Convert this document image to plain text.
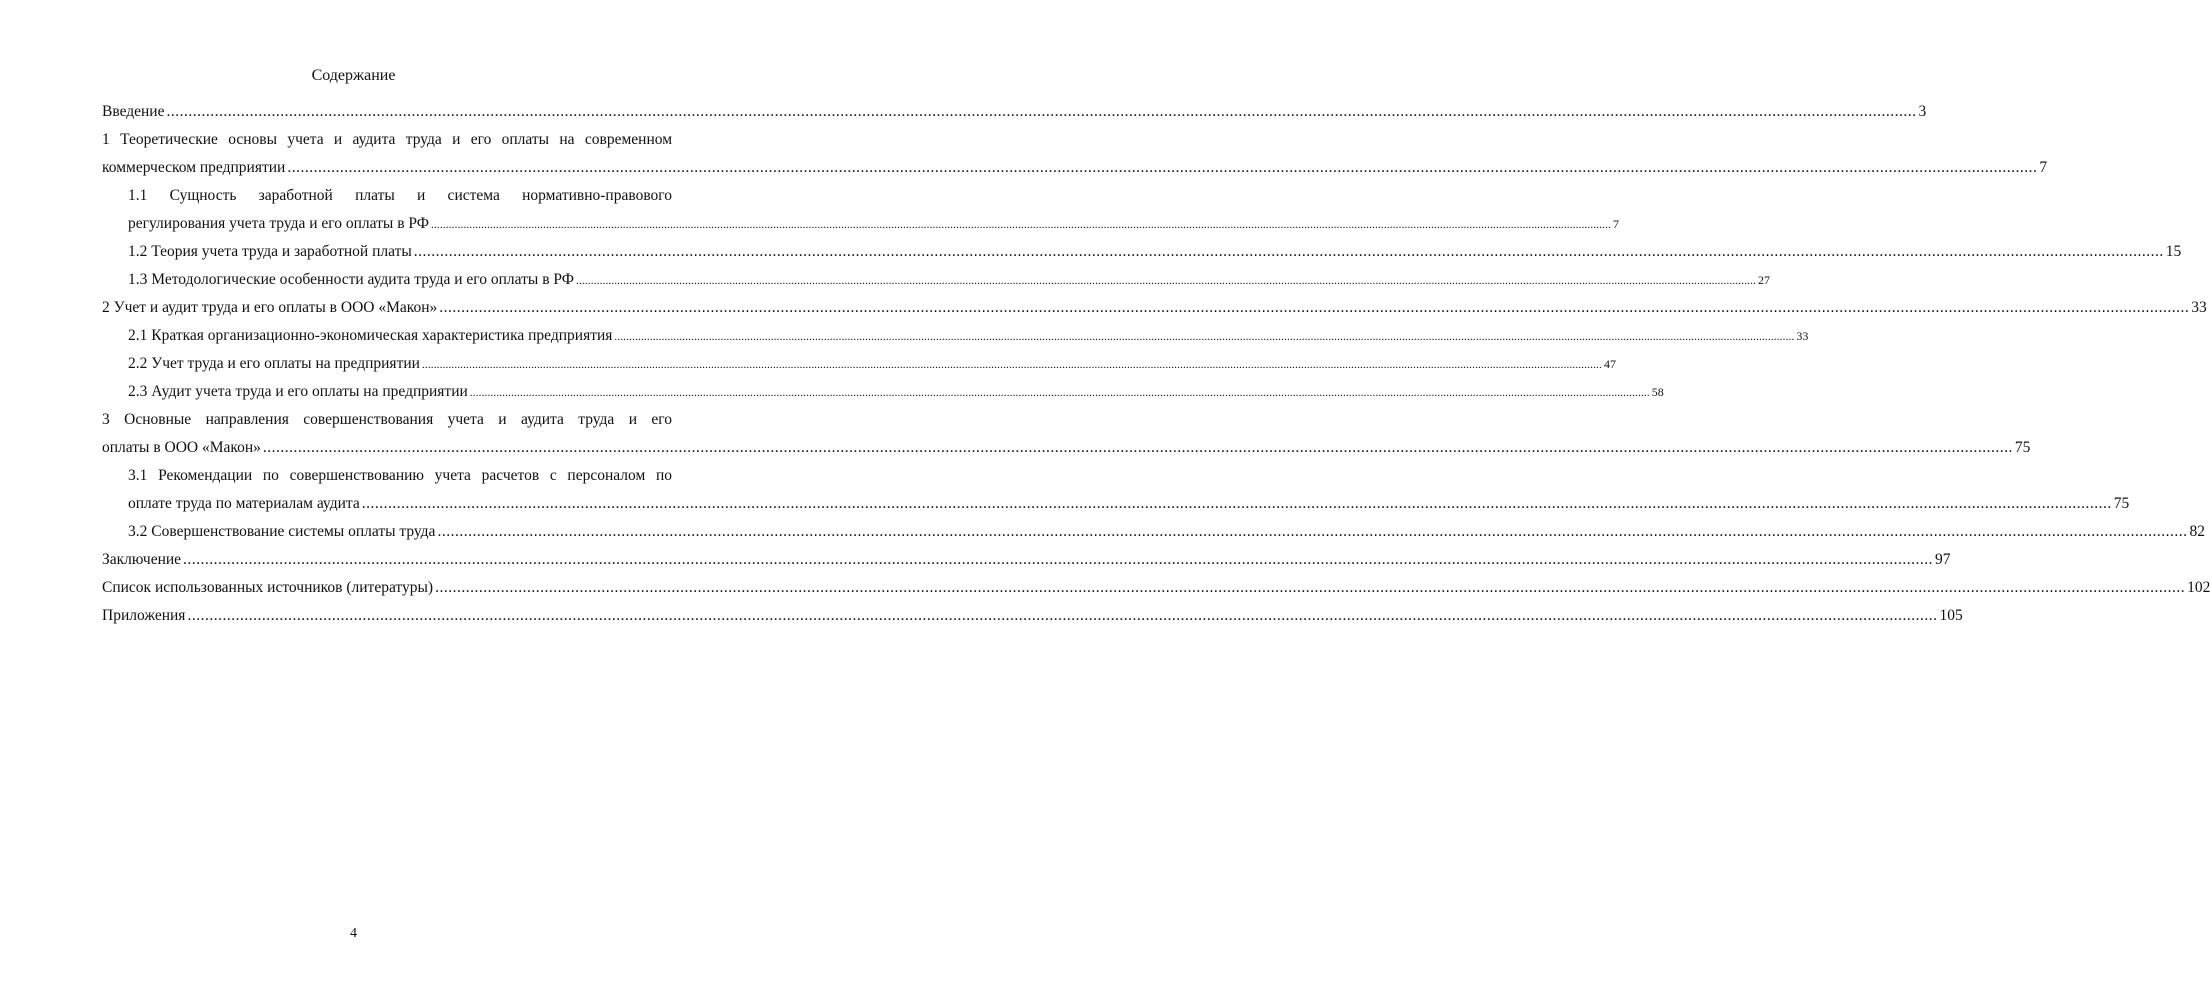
Содержание
Введение ................................................................................................................................................................................................................................................................................................................................................................................................................ 3
1 Теоретические основы учета и аудита труда и его оплаты на современном
коммерческом предприятии ................................................................................................................................................................................................................................................................................................................................................................................................................ 7
1.1 Сущность заработной платы и система нормативно-правового
регулирования учета труда и его оплаты в РФ ................................................................................................................................................................................................................................................................................................................................................................................................................ 7
1.2 Теория учета труда и заработной платы ................................................................................................................................................................................................................................................................................................................................................................................................................ 15
1.3 Методологические особенности аудита труда и его оплаты в РФ ................................................................................................................................................................................................................................................................................................................................................................................................................ 27
2 Учет и аудит труда и его оплаты в ООО «Макон» ................................................................................................................................................................................................................................................................................................................................................................................................................ 33
2.1 Краткая организационно-экономическая характеристика предприятия ................................................................................................................................................................................................................................................................................................................................................................................................................ 33
2.2 Учет труда и его оплаты на предприятии ................................................................................................................................................................................................................................................................................................................................................................................................................ 47
2.3 Аудит учета труда и его оплаты на предприятии ................................................................................................................................................................................................................................................................................................................................................................................................................ 58
3 Основные направления совершенствования учета и аудита труда и его
оплаты в ООО «Макон» ................................................................................................................................................................................................................................................................................................................................................................................................................ 75
3.1 Рекомендации по совершенствованию учета расчетов с персоналом по
оплате труда по материалам аудита ................................................................................................................................................................................................................................................................................................................................................................................................................ 75
3.2 Совершенствование системы оплаты труда ................................................................................................................................................................................................................................................................................................................................................................................................................ 82
Заключение ................................................................................................................................................................................................................................................................................................................................................................................................................ 97
Список использованных источников (литературы) ................................................................................................................................................................................................................................................................................................................................................................................................................ 102
Приложения ................................................................................................................................................................................................................................................................................................................................................................................................................ 105
4
